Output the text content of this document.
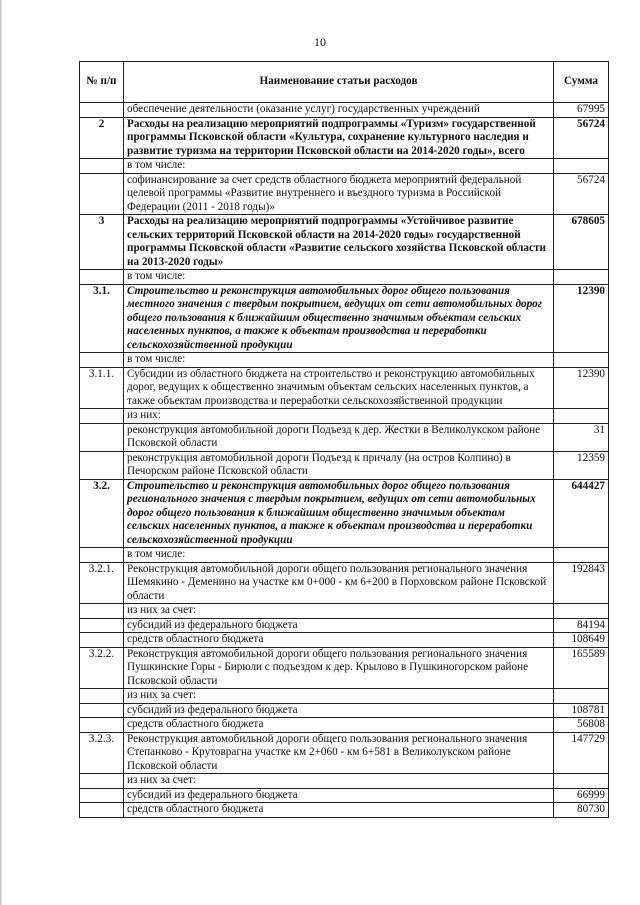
10
№ п/п	Наименование статьи расходов	Сумма
	обеспечение деятельности (оказание услуг) государственных учреждений	67995
2	Расходы на реализацию мероприятий подпрограммы «Туризм» государственной программы Псковской области «Культура, сохранение культурного наследия и развитие туризма на территории Псковской области на 2014-2020 годы», всего	56724
	в том числе:	
	софинансирование за счет средств областного бюджета мероприятий федеральной целевой программы «Развитие внутреннего и въездного туризма в Российской Федерации (2011 - 2018 годы)»	56724
3	Расходы на реализацию мероприятий подпрограммы «Устойчивое развитие сельских территорий Псковской области на 2014-2020 годы» государственной программы Псковской области «Развитие сельского хозяйства Псковской области на 2013-2020 годы»	678605
	в том числе:	
3.1.	Строительство и реконструкция автомобильных дорог общего пользования местного значения с твердым покрытием, ведущих от сети автомобильных дорог общего пользования к ближайшим общественно значимым объектам сельских населенных пунктов, а также к объектам производства и переработки сельскохозяйственной продукции	12390
	в том числе:	
3.1.1.	Субсидии из областного бюджета на строительство и реконструкцию автомобильных дорог, ведущих к общественно значимым объектам сельских населенных пунктов, а также объектам производства и переработки сельскохозяйственной продукции	12390
	из них:	
	реконструкция автомобильной дороги Подъезд к дер. Жестки в Великолукском районе Псковской области	31
	реконструкция автомобильной дороги Подъезд к причалу (на остров Колпино) в Печорском районе Псковской области	12359
3.2.	Строительство и реконструкция автомобильных дорог общего пользования регионального значения с твердым покрытием, ведущих от сети автомобильных дорог общего пользования к ближайшим общественно значимым объектам сельских населенных пунктов, а также к объектам производства и переработки сельскохозяйственной продукции	644427
	в том числе:	
3.2.1.	Реконструкция автомобильной дороги общего пользования регионального значения Шемякино - Деменино на участке км 0+000 - км 6+200 в Порховском районе Псковской области	192843
	из них за счет:	
	субсидий из федерального бюджета	84194
	средств областного бюджета	108649
3.2.2.	Реконструкция автомобильной дороги общего пользования регионального значения Пушкинские Горы - Бирюли с подъездом к дер. Крылово в Пушкиногорском районе Псковской области	165589
	из них за счет:	
	субсидий из федерального бюджета	108781
	средств областного бюджета	56808
3.2.3.	Реконструкция автомобильной дороги общего пользования регионального значения Степанково - Крутоврагна участке км 2+060 - км 6+581 в Великолукском районе Псковской области	147729
	из них за счет:	
	субсидий из федерального бюджета	66999
	средств областного бюджета	80730
